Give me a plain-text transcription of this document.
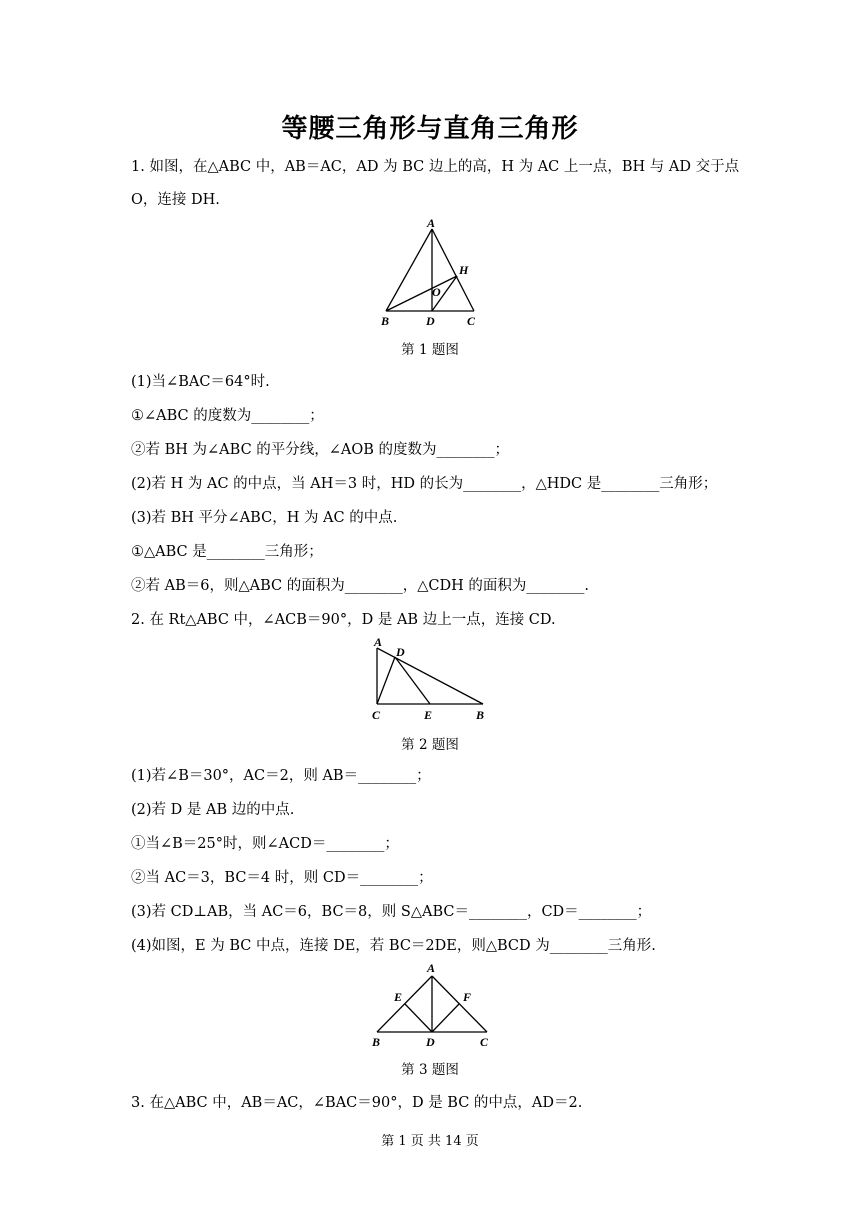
等腰三角形与直角三角形
1. 如图，在△ABC 中，AB＝AC，AD 为 BC 边上的高，H 为 AC 上一点，BH 与 AD 交于点
O，连接 DH.
A
H
O
B	D	C
第 1 题图
(1)当∠BAC＝64°时.
①∠ABC 的度数为________；
②若 BH 为∠ABC 的平分线，∠AOB 的度数为________；
(2)若 H 为 AC 的中点，当 AH＝3 时，HD 的长为________，△HDC 是________三角形；
(3)若 BH 平分∠ABC，H 为 AC 的中点.
①△ABC 是________三角形；
②若 AB＝6，则△ABC 的面积为________，△CDH 的面积为________.
2. 在 Rt△ABC 中，∠ACB＝90°，D 是 AB 边上一点，连接 CD.
A
D
C	E	B
第 2 题图
(1)若∠B＝30°，AC＝2，则 AB＝________；
(2)若 D 是 AB 边的中点.
①当∠B＝25°时，则∠ACD＝________；
②当 AC＝3，BC＝4 时，则 CD＝________；
(3)若 CD⊥AB，当 AC＝6，BC＝8，则 S△ABC＝________，CD＝________；
(4)如图，E 为 BC 中点，连接 DE，若 BC＝2DE，则△BCD 为________三角形.
A
E	F
B	D	C
第 3 题图
3. 在△ABC 中，AB＝AC，∠BAC＝90°，D 是 BC 的中点，AD＝2.
第 1 页 共 14 页
